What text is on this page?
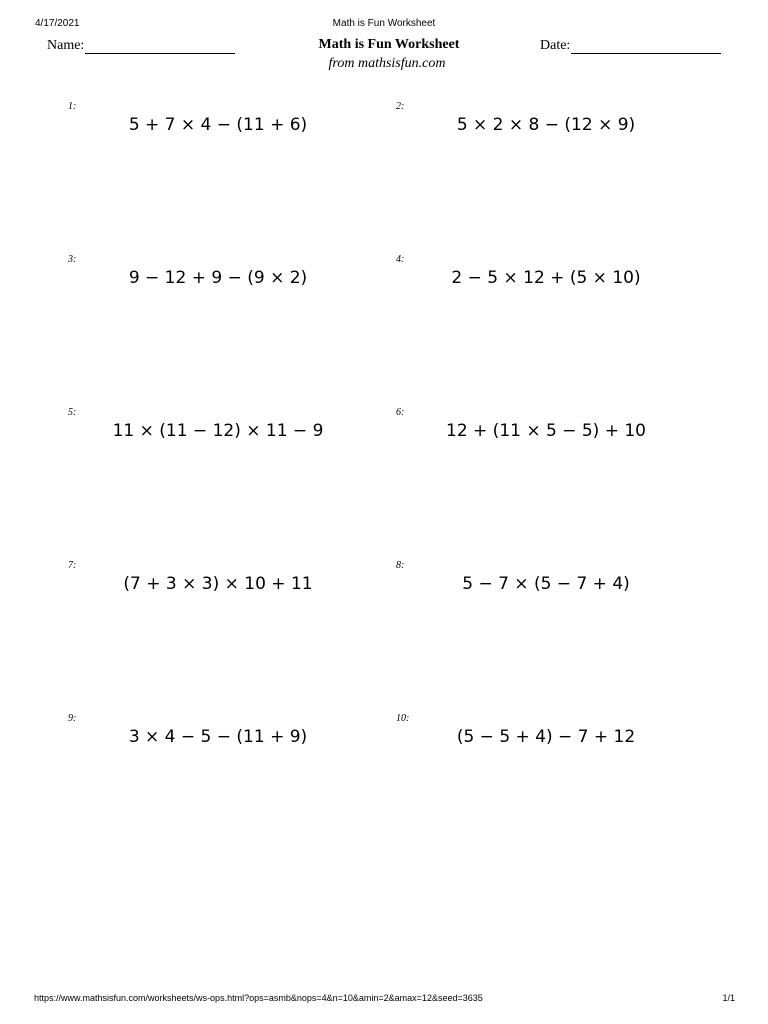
4/17/2021	Math is Fun Worksheet
Name:	Math is Fun Worksheet
from mathsisfun.com
Date:
1:
5 + 7 × 4 − (11 + 6)
2:
5 × 2 × 8 − (12 × 9)
3:
9 − 12 + 9 − (9 × 2)
4:
2 − 5 × 12 + (5 × 10)
5:
11 × (11 − 12) × 11 − 9
6:
12 + (11 × 5 − 5) + 10
7:
(7 + 3 × 3) × 10 + 11
8:
5 − 7 × (5 − 7 + 4)
9:
3 × 4 − 5 − (11 + 9)
10:
(5 − 5 + 4) − 7 + 12
https://www.mathsisfun.com/worksheets/ws-ops.html?ops=asmb&nops=4&n=10&amin=2&amax=12&seed=3635	1/1
